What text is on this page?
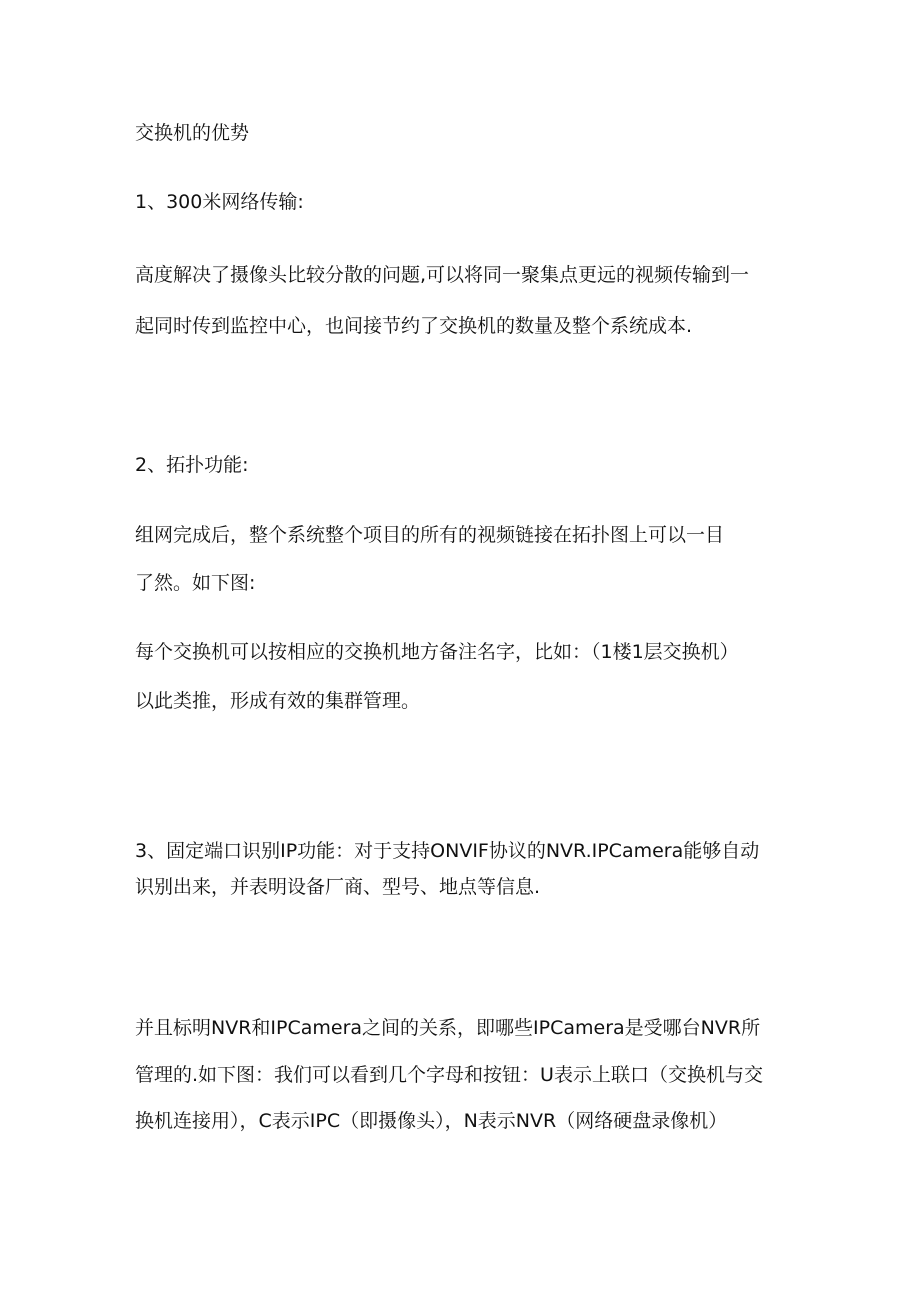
交换机的优势
1、300米网络传输:
高度解决了摄像头比较分散的问题,可以将同一聚集点更远的视频传输到一
起同时传到监控中心，也间接节约了交换机的数量及整个系统成本.
2、拓扑功能:
组网完成后，整个系统整个项目的所有的视频链接在拓扑图上可以一目
了然。如下图:
每个交换机可以按相应的交换机地方备注名字，比如：（1楼1层交换机）
以此类推，形成有效的集群管理。
3、固定端口识别IP功能：对于支持ONVIF协议的NVR.IPCamera能够自动
识别出来，并表明设备厂商、型号、地点等信息.
并且标明NVR和IPCamera之间的关系，即哪些IPCamera是受哪台NVR所
管理的.如下图：我们可以看到几个字母和按钮：U表示上联口（交换机与交
换机连接用），C表示IPC（即摄像头），N表示NVR（网络硬盘录像机）
